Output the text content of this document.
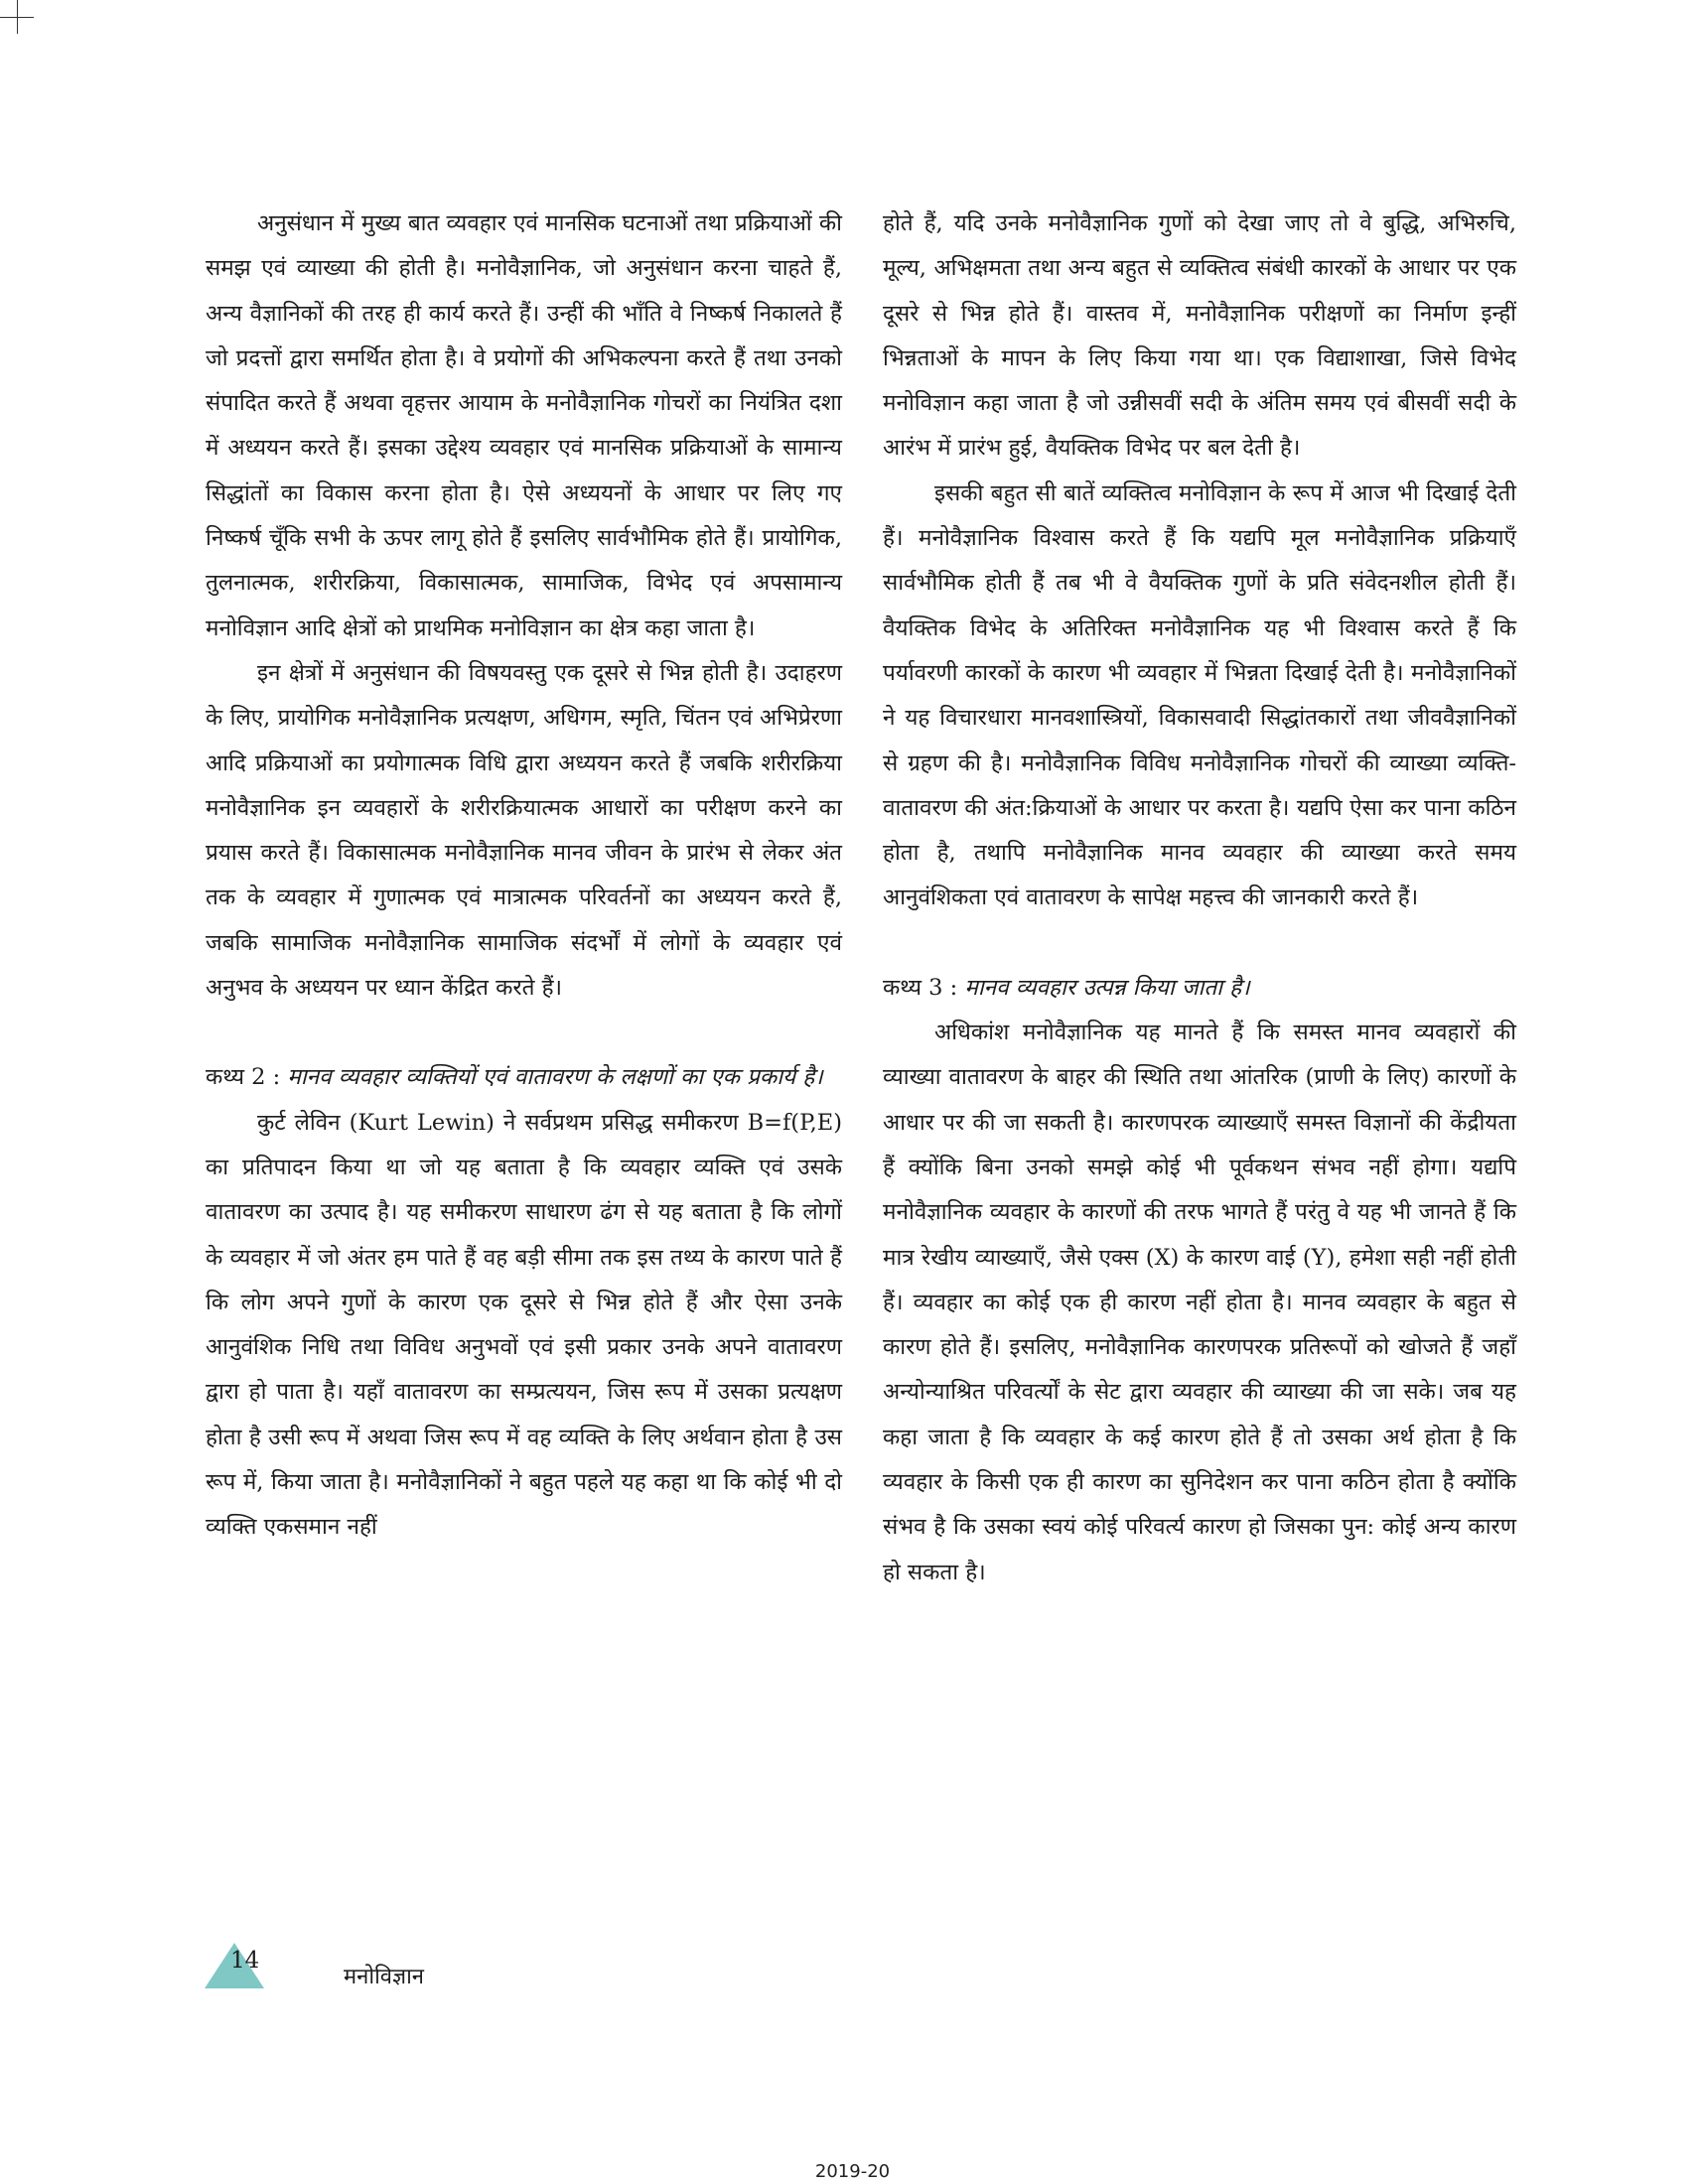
अनुसंधान में मुख्य बात व्यवहार एवं मानसिक घटनाओं तथा प्रक्रियाओं की समझ एवं व्याख्या की होती है। मनोवैज्ञानिक, जो अनुसंधान करना चाहते हैं, अन्य वैज्ञानिकों की तरह ही कार्य करते हैं। उन्हीं की भाँति वे निष्कर्ष निकालते हैं जो प्रदत्तों द्वारा समर्थित होता है। वे प्रयोगों की अभिकल्पना करते हैं तथा उनको संपादित करते हैं अथवा वृहत्तर आयाम के मनोवैज्ञानिक गोचरों का नियंत्रित दशा में अध्ययन करते हैं। इसका उद्देश्य व्यवहार एवं मानसिक प्रक्रियाओं के सामान्य सिद्धांतों का विकास करना होता है। ऐसे अध्ययनों के आधार पर लिए गए निष्कर्ष चूँकि सभी के ऊपर लागू होते हैं इसलिए सार्वभौमिक होते हैं। प्रायोगिक, तुलनात्मक, शरीरक्रिया, विकासात्मक, सामाजिक, विभेद एवं अपसामान्य मनोविज्ञान आदि क्षेत्रों को प्राथमिक मनोविज्ञान का क्षेत्र कहा जाता है।

इन क्षेत्रों में अनुसंधान की विषयवस्तु एक दूसरे से भिन्न होती है। उदाहरण के लिए, प्रायोगिक मनोवैज्ञानिक प्रत्यक्षण, अधिगम, स्मृति, चिंतन एवं अभिप्रेरणा आदि प्रक्रियाओं का प्रयोगात्मक विधि द्वारा अध्ययन करते हैं जबकि शरीरक्रिया मनोवैज्ञानिक इन व्यवहारों के शरीरक्रियात्मक आधारों का परीक्षण करने का प्रयास करते हैं। विकासात्मक मनोवैज्ञानिक मानव जीवन के प्रारंभ से लेकर अंत तक के व्यवहार में गुणात्मक एवं मात्रात्मक परिवर्तनों का अध्ययन करते हैं, जबकि सामाजिक मनोवैज्ञानिक सामाजिक संदर्भों में लोगों के व्यवहार एवं अनुभव के अध्ययन पर ध्यान केंद्रित करते हैं।

कथ्य 2 : मानव व्यवहार व्यक्तियों एवं वातावरण के लक्षणों का एक प्रकार्य है।

कुर्ट लेविन (Kurt Lewin) ने सर्वप्रथम प्रसिद्ध समीकरण B=f(P,E) का प्रतिपादन किया था जो यह बताता है कि व्यवहार व्यक्ति एवं उसके वातावरण का उत्पाद है। यह समीकरण साधारण ढंग से यह बताता है कि लोगों के व्यवहार में जो अंतर हम पाते हैं वह बड़ी सीमा तक इस तथ्य के कारण पाते हैं कि लोग अपने गुणों के कारण एक दूसरे से भिन्न होते हैं और ऐसा उनके आनुवंशिक निधि तथा विविध अनुभवों एवं इसी प्रकार उनके अपने वातावरण द्वारा हो पाता है। यहाँ वातावरण का सम्प्रत्ययन, जिस रूप में उसका प्रत्यक्षण होता है उसी रूप में अथवा जिस रूप में वह व्यक्ति के लिए अर्थवान होता है उस रूप में, किया जाता है। मनोवैज्ञानिकों ने बहुत पहले यह कहा था कि कोई भी दो व्यक्ति एकसमान नहीं

होते हैं, यदि उनके मनोवैज्ञानिक गुणों को देखा जाए तो वे बुद्धि, अभिरुचि, मूल्य, अभिक्षमता तथा अन्य बहुत से व्यक्तित्व संबंधी कारकों के आधार पर एक दूसरे से भिन्न होते हैं। वास्तव में, मनोवैज्ञानिक परीक्षणों का निर्माण इन्हीं भिन्नताओं के मापन के लिए किया गया था। एक विद्याशाखा, जिसे विभेद मनोविज्ञान कहा जाता है जो उन्नीसवीं सदी के अंतिम समय एवं बीसवीं सदी के आरंभ में प्रारंभ हुई, वैयक्तिक विभेद पर बल देती है।

इसकी बहुत सी बातें व्यक्तित्व मनोविज्ञान के रूप में आज भी दिखाई देती हैं। मनोवैज्ञानिक विश्वास करते हैं कि यद्यपि मूल मनोवैज्ञानिक प्रक्रियाएँ सार्वभौमिक होती हैं तब भी वे वैयक्तिक गुणों के प्रति संवेदनशील होती हैं। वैयक्तिक विभेद के अतिरिक्त मनोवैज्ञानिक यह भी विश्वास करते हैं कि पर्यावरणी कारकों के कारण भी व्यवहार में भिन्नता दिखाई देती है। मनोवैज्ञानिकों ने यह विचारधारा मानवशास्त्रियों, विकासवादी सिद्धांतकारों तथा जीववैज्ञानिकों से ग्रहण की है। मनोवैज्ञानिक विविध मनोवैज्ञानिक गोचरों की व्याख्या व्यक्ति-वातावरण की अंत:क्रियाओं के आधार पर करता है। यद्यपि ऐसा कर पाना कठिन होता है, तथापि मनोवैज्ञानिक मानव व्यवहार की व्याख्या करते समय आनुवंशिकता एवं वातावरण के सापेक्ष महत्त्व की जानकारी करते हैं।

कथ्य 3 : मानव व्यवहार उत्पन्न किया जाता है।

अधिकांश मनोवैज्ञानिक यह मानते हैं कि समस्त मानव व्यवहारों की व्याख्या वातावरण के बाहर की स्थिति तथा आंतरिक (प्राणी के लिए) कारणों के आधार पर की जा सकती है। कारणपरक व्याख्याएँ समस्त विज्ञानों की केंद्रीयता हैं क्योंकि बिना उनको समझे कोई भी पूर्वकथन संभव नहीं होगा। यद्यपि मनोवैज्ञानिक व्यवहार के कारणों की तरफ भागते हैं परंतु वे यह भी जानते हैं कि मात्र रेखीय व्याख्याएँ, जैसे एक्स (X) के कारण वाई (Y), हमेशा सही नहीं होती हैं। व्यवहार का कोई एक ही कारण नहीं होता है। मानव व्यवहार के बहुत से कारण होते हैं। इसलिए, मनोवैज्ञानिक कारणपरक प्रतिरूपों को खोजते हैं जहाँ अन्योन्याश्रित परिवर्त्यों के सेट द्वारा व्यवहार की व्याख्या की जा सके। जब यह कहा जाता है कि व्यवहार के कई कारण होते हैं तो उसका अर्थ होता है कि व्यवहार के किसी एक ही कारण का सुनिदेशन कर पाना कठिन होता है क्योंकि संभव है कि उसका स्वयं कोई परिवर्त्य कारण हो जिसका पुन: कोई अन्य कारण हो सकता है।

14
मनोविज्ञान
2019-20
